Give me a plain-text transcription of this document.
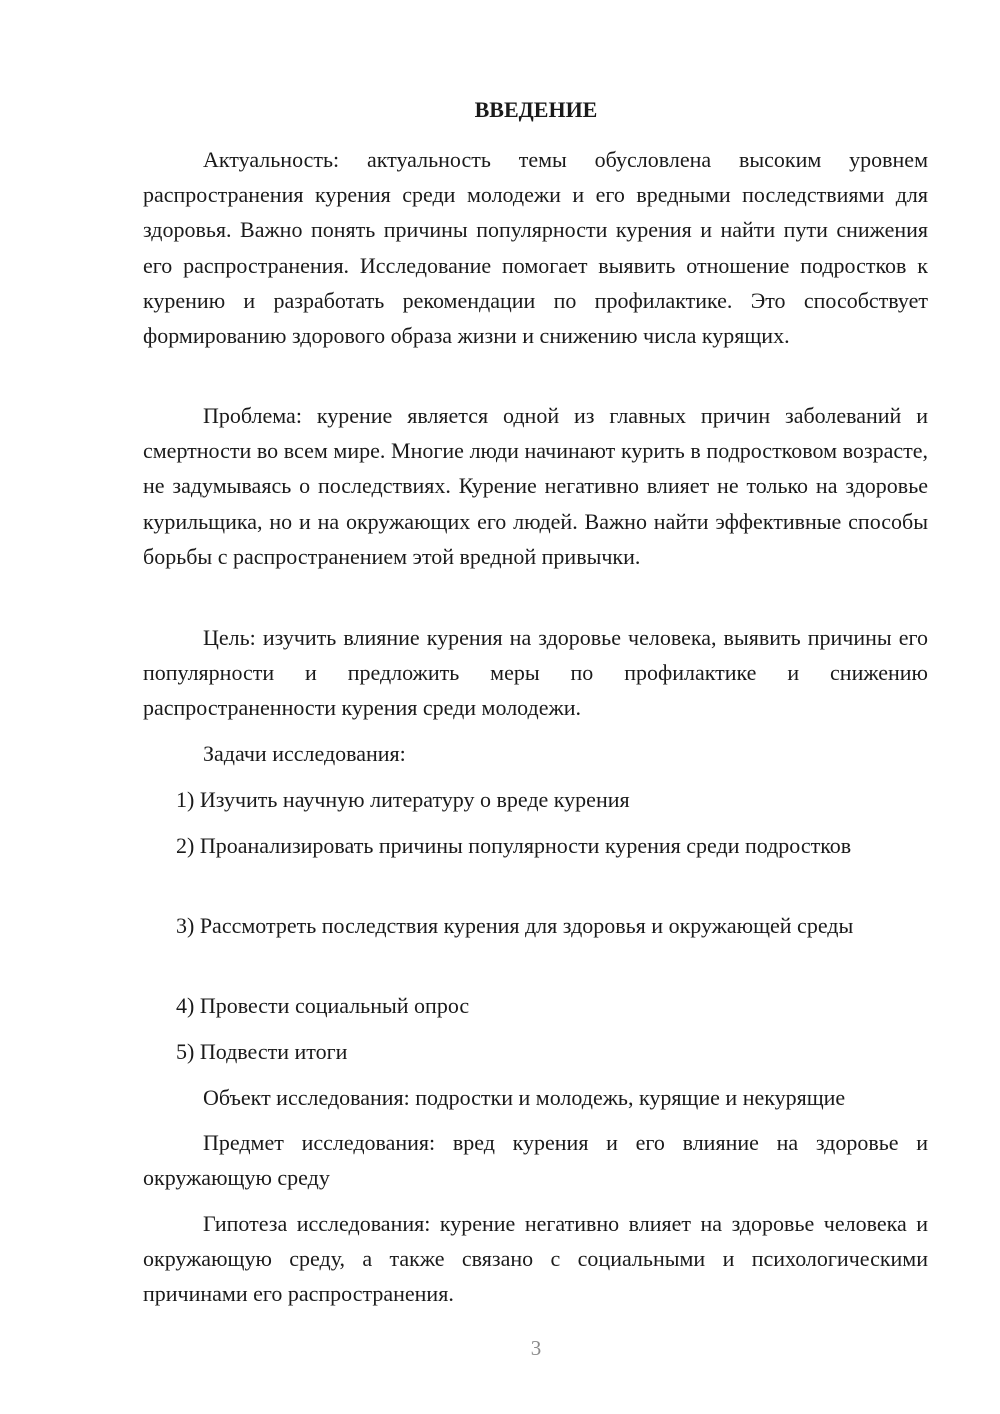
ВВЕДЕНИЕ

Актуальность: актуальность темы обусловлена высоким уровнем распространения курения среди молодежи и его вредными последствиями для здоровья. Важно понять причины популярности курения и найти пути снижения его распространения. Исследование помогает выявить отношение подростков к курению и разработать рекомендации по профилактике. Это способствует формированию здорового образа жизни и снижению числа курящих.

Проблема: курение является одной из главных причин заболеваний и смертности во всем мире. Многие люди начинают курить в подростковом возрасте, не задумываясь о последствиях. Курение негативно влияет не только на здоровье курильщика, но и на окружающих его людей. Важно найти эффективные способы борьбы с распространением этой вредной привычки.

Цель: изучить влияние курения на здоровье человека, выявить причины его популярности и предложить меры по профилактике и снижению распространенности курения среди молодежи.

Задачи исследования:

1) Изучить научную литературу о вреде курения

2) Проанализировать причины популярности курения среди подростков

3) Рассмотреть последствия курения для здоровья и окружающей среды

4) Провести социальный опрос

5) Подвести итоги

Объект исследования: подростки и молодежь, курящие и некурящие

Предмет исследования: вред курения и его влияние на здоровье и окружающую среду

Гипотеза исследования: курение негативно влияет на здоровье человека и окружающую среду, а также связано с социальными и психологическими причинами его распространения.

3
